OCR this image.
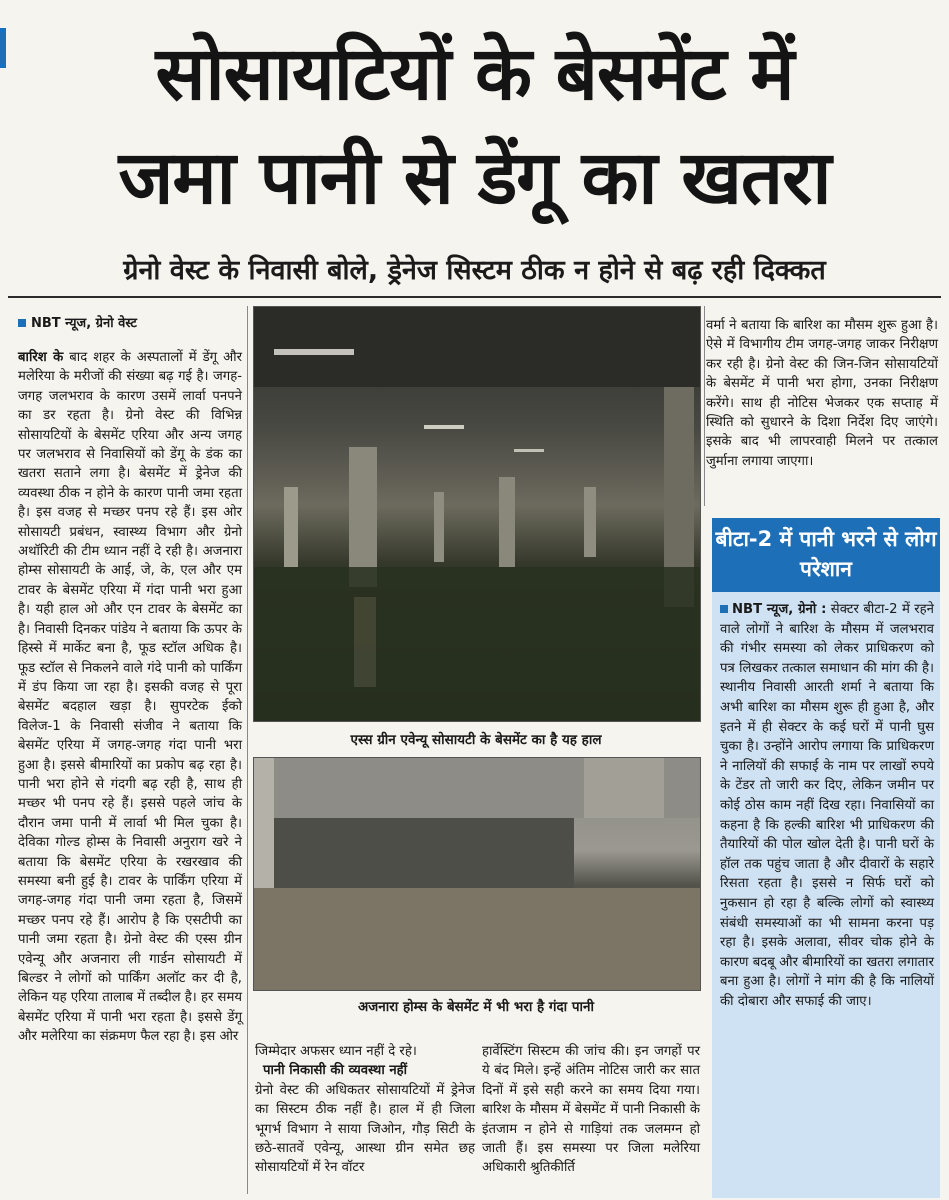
सोसायटियों के बेसमेंट में
जमा पानी से डेंगू का खतरा
ग्रेनो वेस्ट के निवासी बोले, ड्रेनेज सिस्टम ठीक न होने से बढ़ रही दिक्कत
NBT न्यूज, ग्रेनो वेस्ट
बारिश के बाद शहर के अस्पतालों में डेंगू और मलेरिया के मरीजों की संख्या बढ़ गई है। जगह-जगह जलभराव के कारण उसमें लार्वा पनपने का डर रहता है। ग्रेनो वेस्ट की विभिन्न सोसायटियों के बेसमेंट एरिया और अन्य जगह पर जलभराव से निवासियों को डेंगू के डंक का खतरा सताने लगा है। बेसमेंट में ड्रेनेज की व्यवस्था ठीक न होने के कारण पानी जमा रहता है। इस वजह से मच्छर पनप रहे हैं। इस ओर सोसायटी प्रबंधन, स्वास्थ्य विभाग और ग्रेनो अथॉरिटी की टीम ध्यान नहीं दे रही है। अजनारा होम्स सोसायटी के आई, जे, के, एल और एम टावर के बेसमेंट एरिया में गंदा पानी भरा हुआ है। यही हाल ओ और एन टावर के बेसमेंट का है। निवासी दिनकर पांडेय ने बताया कि ऊपर के हिस्से में मार्केट बना है, फूड स्टॉल अधिक है। फूड स्टॉल से निकलने वाले गंदे पानी को पार्किंग में डंप किया जा रहा है। इसकी वजह से पूरा बेसमेंट बदहाल खड़ा है। सुपरटेक ईको विलेज-1 के निवासी संजीव ने बताया कि बेसमेंट एरिया में जगह-जगह गंदा पानी भरा हुआ है। इससे बीमारियों का प्रकोप बढ़ रहा है। पानी भरा होने से गंदगी बढ़ रही है, साथ ही मच्छर भी पनप रहे हैं। इससे पहले जांच के दौरान जमा पानी में लार्वा भी मिल चुका है। देविका गोल्ड होम्स के निवासी अनुराग खरे ने बताया कि बेसमेंट एरिया के रखरखाव की समस्या बनी हुई है। टावर के पार्किंग एरिया में जगह-जगह गंदा पानी जमा रहता है, जिसमें मच्छर पनप रहे हैं। आरोप है कि एसटीपी का पानी जमा रहता है। ग्रेनो वेस्ट की एस्स ग्रीन एवेन्यू और अजनारा ली गार्डन सोसायटी में बिल्डर ने लोगों को पार्किंग अलॉट कर दी है, लेकिन यह एरिया तालाब में तब्दील है। हर समय बेसमेंट एरिया में पानी भरा रहता है। इससे डेंगू और मलेरिया का संक्रमण फैल रहा है। इस ओर
एस्स ग्रीन एवेन्यू सोसायटी के बेसमेंट का है यह हाल
अजनारा होम्स के बेसमेंट में भी भरा है गंदा पानी
जिम्मेदार अफसर ध्यान नहीं दे रहे।
पानी निकासी की व्यवस्था नहीं
ग्रेनो वेस्ट की अधिकतर सोसायटियों में ड्रेनेज का सिस्टम ठीक नहीं है। हाल में ही जिला भूगर्भ विभाग ने साया जिओन, गौड़ सिटी के छठे-सातवें एवेन्यू, आस्था ग्रीन समेत छह सोसायटियों में रेन वॉटर
हार्वेस्टिंग सिस्टम की जांच की। इन जगहों पर ये बंद मिले। इन्हें अंतिम नोटिस जारी कर सात दिनों में इसे सही करने का समय दिया गया। बारिश के मौसम में बेसमेंट में पानी निकासी के इंतजाम न होने से गाड़ियां तक जलमग्न हो जाती हैं। इस समस्या पर जिला मलेरिया अधिकारी श्रुतिकीर्ति
वर्मा ने बताया कि बारिश का मौसम शुरू हुआ है। ऐसे में विभागीय टीम जगह-जगह जाकर निरीक्षण कर रही है। ग्रेनो वेस्ट की जिन-जिन सोसायटियों के बेसमेंट में पानी भरा होगा, उनका निरीक्षण करेंगे। साथ ही नोटिस भेजकर एक सप्ताह में स्थिति को सुधारने के दिशा निर्देश दिए जाएंगे। इसके बाद भी लापरवाही मिलने पर तत्काल जुर्माना लगाया जाएगा।
बीटा-2 में पानी भरने से लोग परेशान
NBT न्यूज, ग्रेनो : सेक्टर बीटा-2 में रहने वाले लोगों ने बारिश के मौसम में जलभराव की गंभीर समस्या को लेकर प्राधिकरण को पत्र लिखकर तत्काल समाधान की मांग की है। स्थानीय निवासी आरती शर्मा ने बताया कि अभी बारिश का मौसम शुरू ही हुआ है, और इतने में ही सेक्टर के कई घरों में पानी घुस चुका है। उन्होंने आरोप लगाया कि प्राधिकरण ने नालियों की सफाई के नाम पर लाखों रुपये के टेंडर तो जारी कर दिए, लेकिन जमीन पर कोई ठोस काम नहीं दिख रहा। निवासियों का कहना है कि हल्की बारिश भी प्राधिकरण की तैयारियों की पोल खोल देती है। पानी घरों के हॉल तक पहुंच जाता है और दीवारों के सहारे रिसता रहता है। इससे न सिर्फ घरों को नुकसान हो रहा है बल्कि लोगों को स्वास्थ्य संबंधी समस्याओं का भी सामना करना पड़ रहा है। इसके अलावा, सीवर चोक होने के कारण बदबू और बीमारियों का खतरा लगातार बना हुआ है। लोगों ने मांग की है कि नालियों की दोबारा और सफाई की जाए।
